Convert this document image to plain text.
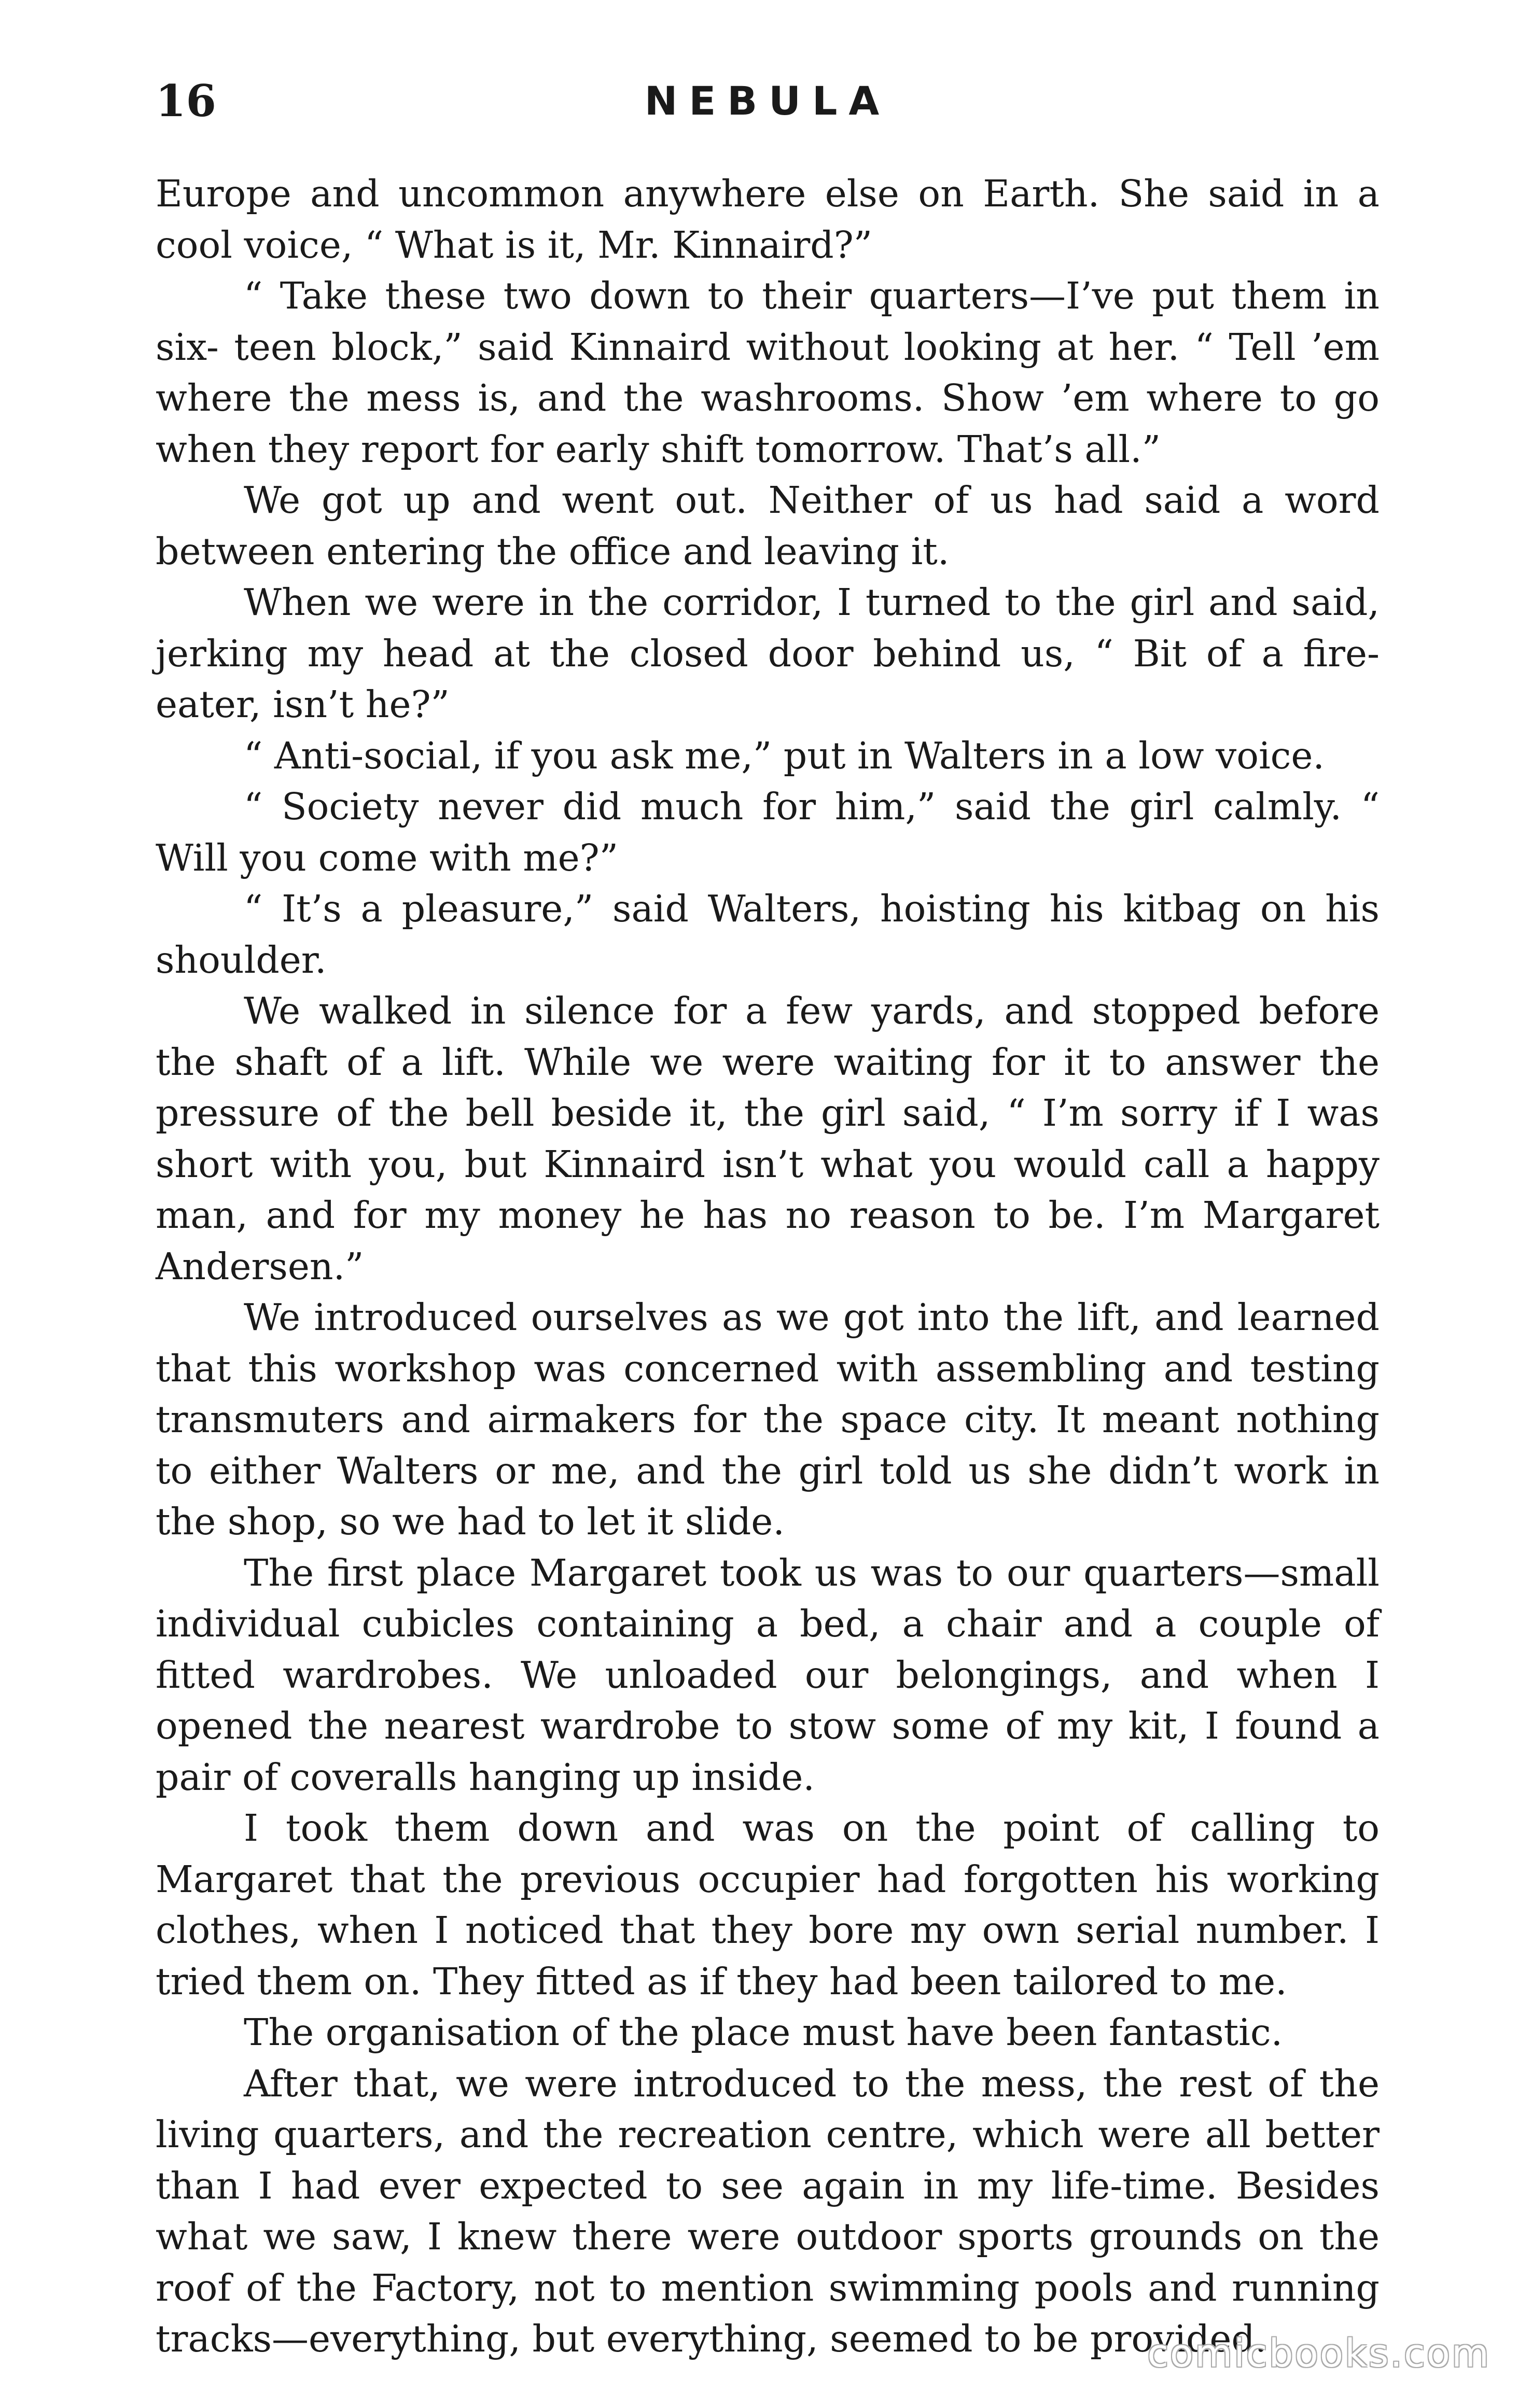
16	NEBULA

Europe and uncommon anywhere else on Earth. She said in a cool voice, “ What is it, Mr. Kinnaird?”

“ Take these two down to their quarters—I’ve put them in six- teen block,” said Kinnaird without looking at her. “ Tell ’em where the mess is, and the washrooms. Show ’em where to go when they report for early shift tomorrow. That’s all.”

We got up and went out. Neither of us had said a word between entering the office and leaving it.

When we were in the corridor, I turned to the girl and said, jerking my head at the closed door behind us, “ Bit of a fire-eater, isn’t he?”

“ Anti-social, if you ask me,” put in Walters in a low voice.

“ Society never did much for him,” said the girl calmly. “ Will you come with me?”

“ It’s a pleasure,” said Walters, hoisting his kitbag on his shoulder.

We walked in silence for a few yards, and stopped before the shaft of a lift. While we were waiting for it to answer the pressure of the bell beside it, the girl said, “ I’m sorry if I was short with you, but Kinnaird isn’t what you would call a happy man, and for my money he has no reason to be. I’m Margaret Andersen.”

We introduced ourselves as we got into the lift, and learned that this workshop was concerned with assembling and testing transmuters and airmakers for the space city. It meant nothing to either Walters or me, and the girl told us she didn’t work in the shop, so we had to let it slide.

The first place Margaret took us was to our quarters—small individual cubicles containing a bed, a chair and a couple of fitted wardrobes. We unloaded our belongings, and when I opened the nearest wardrobe to stow some of my kit, I found a pair of coveralls hanging up inside.

I took them down and was on the point of calling to Margaret that the previous occupier had forgotten his working clothes, when I noticed that they bore my own serial number. I tried them on. They fitted as if they had been tailored to me.

The organisation of the place must have been fantastic.

After that, we were introduced to the mess, the rest of the living quarters, and the recreation centre, which were all better than I had ever expected to see again in my life-time. Besides what we saw, I knew there were outdoor sports grounds on the roof of the Factory, not to mention swimming pools and running tracks—everything, but everything, seemed to be provided.

comicbooks.com
